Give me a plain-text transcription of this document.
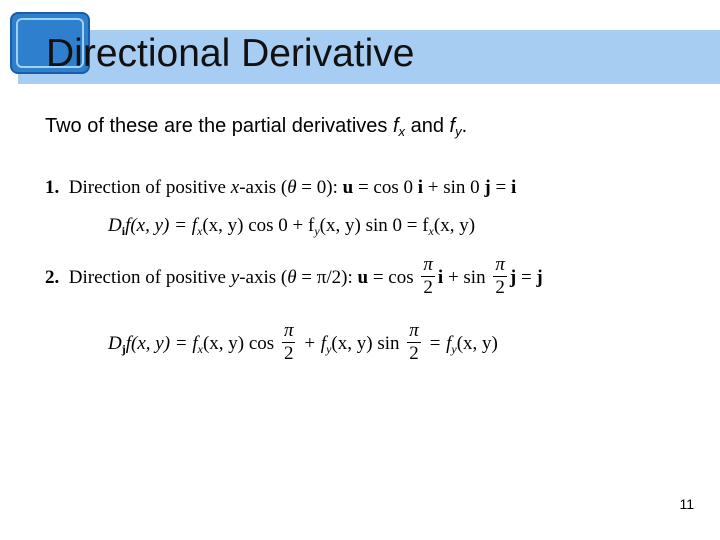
Directional Derivative
Two of these are the partial derivatives $f_x$ and $f_y$.
1. Direction of positive x-axis (θ = 0): u = cos 0 i + sin 0 j = i
$D_if(x$, $y) = f_x(x$, y) $\cos 0 + f_y(x$, y) $\sin 0 = f_x(x$, y)
2. Direction of positive y-axis (θ = π/2): $u = \cos \frac{\pi}{2}$ $i + \sin \frac{\pi}{2}$ j = j
$D_jf(x$, $y) = f_x(x$, y) $\cos \frac{\pi}{2} + f_y(x$, y) $\sin \frac{\pi}{2} = f_y(x$, y)
11
